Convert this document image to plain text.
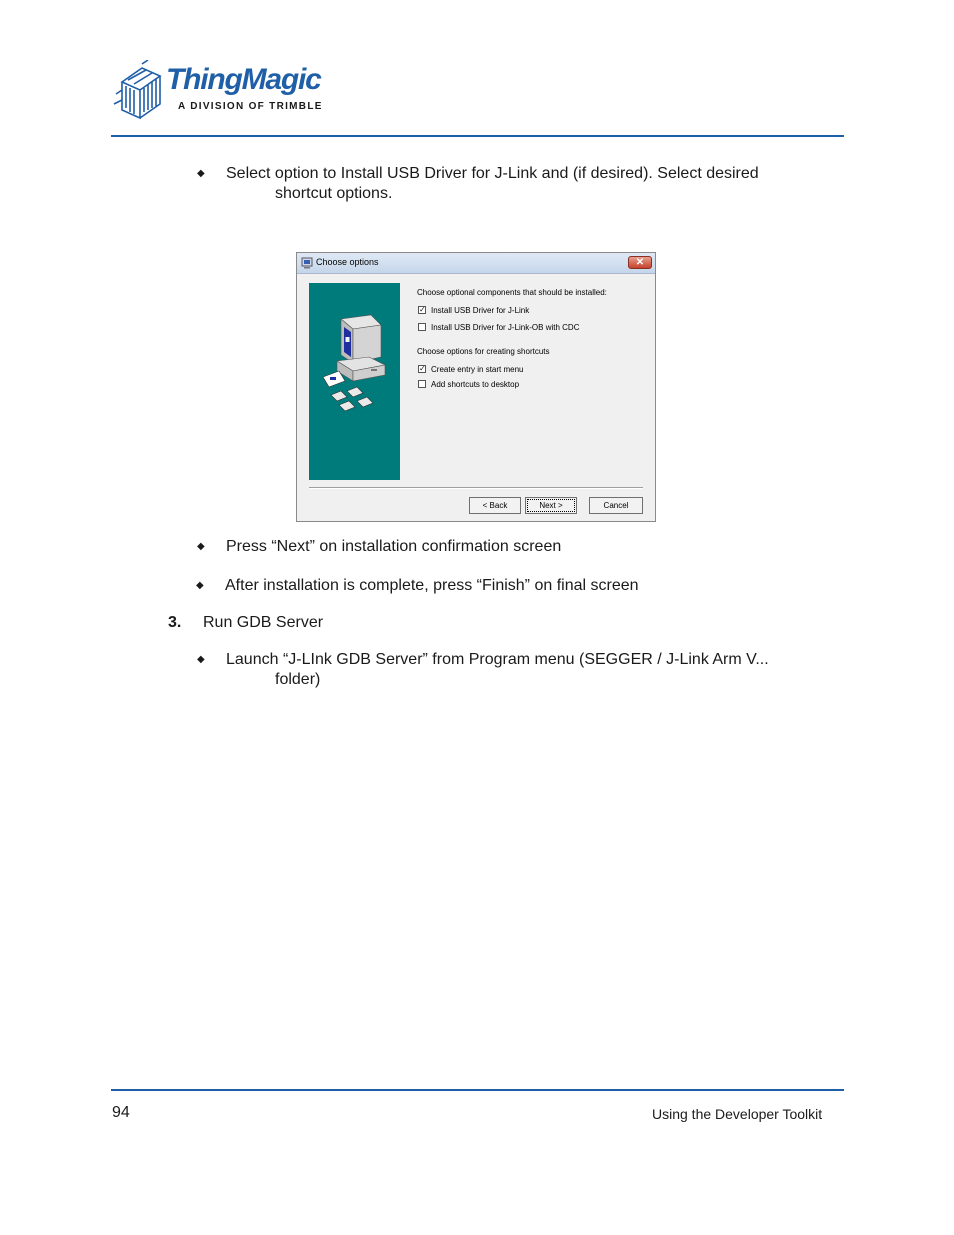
ThingMagic
A DIVISION OF TRIMBLE
◆ Select option to Install USB Driver for J-Link and (if desired). Select desired
shortcut options.
Choose options	✕
Choose optional components that should be installed:
✓ Install USB Driver for J-Link
Install USB Driver for J-Link-OB with CDC
Choose options for creating shortcuts
✓ Create entry in start menu
Add shortcuts to desktop
< Back	Next >	Cancel
◆ Press “Next” on installation confirmation screen
◆ After installation is complete, press “Finish” on final screen
3. Run GDB Server
◆ Launch “J-LInk GDB Server” from Program menu (SEGGER / J-Link Arm V...
folder)
94	Using the Developer Toolkit
